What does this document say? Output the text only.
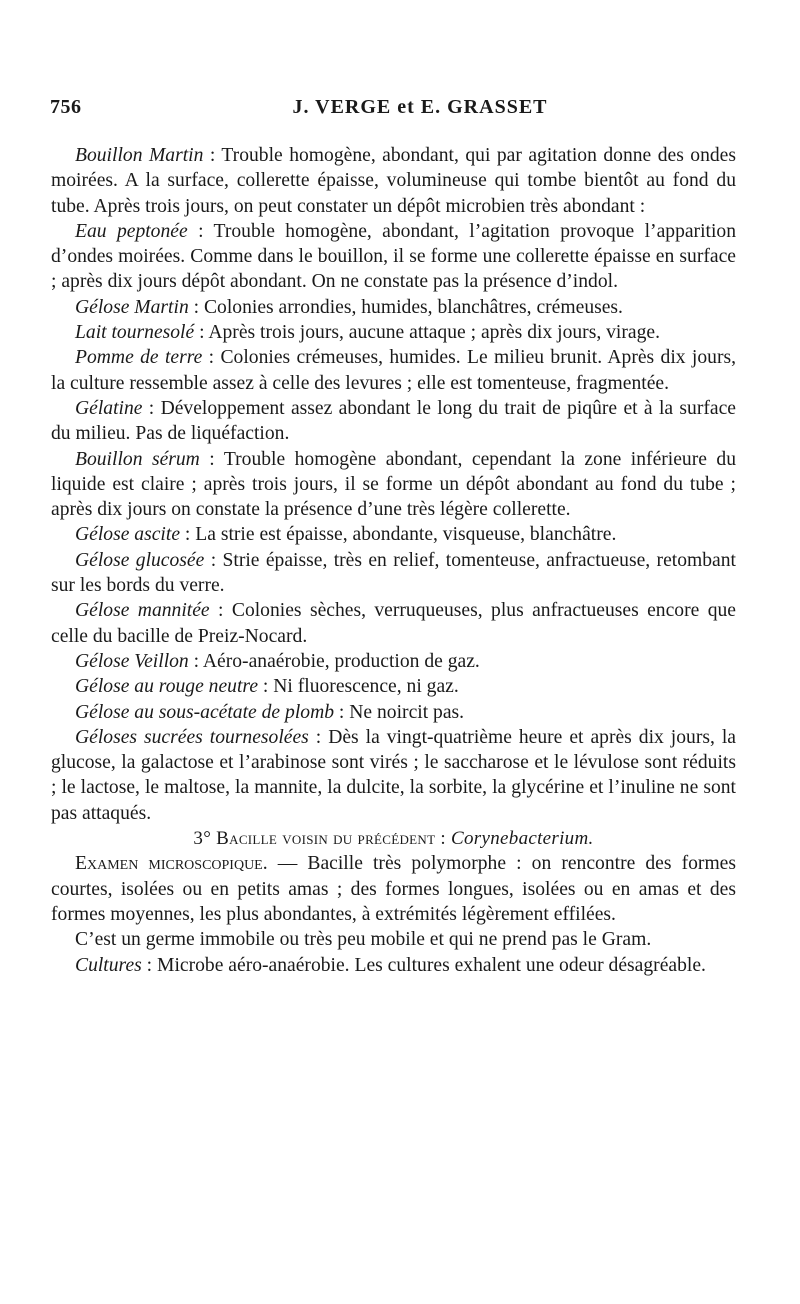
756	J. VERGE et E. GRASSET

Bouillon Martin : Trouble homogène, abondant, qui par agitation donne des ondes moirées. A la surface, collerette épaisse, volumineuse qui tombe bientôt au fond du tube. Après trois jours, on peut constater un dépôt microbien très abondant :

Eau peptonée : Trouble homogène, abondant, l’agitation provoque l’apparition d’ondes moirées. Comme dans le bouillon, il se forme une collerette épaisse en surface ; après dix jours dépôt abondant. On ne constate pas la présence d’indol.

Gélose Martin : Colonies arrondies, humides, blanchâtres, crémeuses.

Lait tournesolé : Après trois jours, aucune attaque ; après dix jours, virage.

Pomme de terre : Colonies crémeuses, humides. Le milieu brunit. Après dix jours, la culture ressemble assez à celle des levures ; elle est tomenteuse, fragmentée.

Gélatine : Développement assez abondant le long du trait de piqûre et à la surface du milieu. Pas de liquéfaction.

Bouillon sérum : Trouble homogène abondant, cependant la zone inférieure du liquide est claire ; après trois jours, il se forme un dépôt abondant au fond du tube ; après dix jours on constate la présence d’une très légère collerette.

Gélose ascite : La strie est épaisse, abondante, visqueuse, blanchâtre.

Gélose glucosée : Strie épaisse, très en relief, tomenteuse, anfractueuse, retombant sur les bords du verre.

Gélose mannitée : Colonies sèches, verruqueuses, plus anfractueuses encore que celle du bacille de Preiz-Nocard.

Gélose Veillon : Aéro-anaérobie, production de gaz.

Gélose au rouge neutre : Ni fluorescence, ni gaz.

Gélose au sous-acétate de plomb : Ne noircit pas.

Géloses sucrées tournesolées : Dès la vingt-quatrième heure et après dix jours, la glucose, la galactose et l’arabinose sont virés ; le saccharose et le lévulose sont réduits ; le lactose, le maltose, la mannite, la dulcite, la sorbite, la glycérine et l’inuline ne sont pas attaqués.

3° Bacille voisin du précédent : Corynebacterium.

Examen microscopique. — Bacille très polymorphe : on rencontre des formes courtes, isolées ou en petits amas ; des formes longues, isolées ou en amas et des formes moyennes, les plus abondantes, à extrémités légèrement effilées.

C’est un germe immobile ou très peu mobile et qui ne prend pas le Gram.

Cultures : Microbe aéro-anaérobie. Les cultures exhalent une odeur désagréable.
